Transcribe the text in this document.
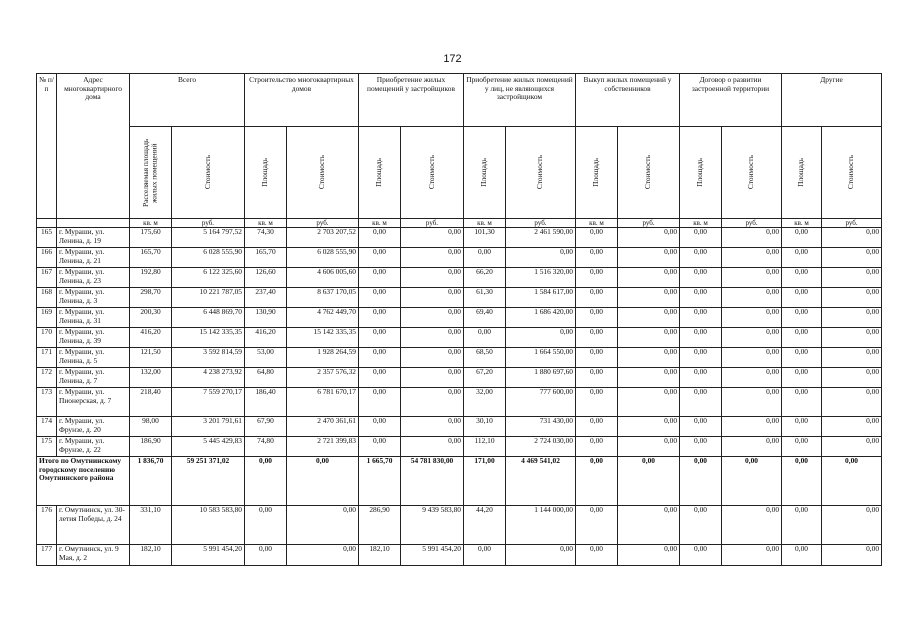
172
№ п/п	Адрес многоквартирного дома	Всего		Строительство многоквартирных домов		Приобретение жилых помещений у застройщиков		Приобретение жилых помещений у лиц, не являющихся застройщиком		Выкуп жилых помещений у собственников		Договор о развитии застроенной территории		Другие	

		Расселяемая площадь жилых помещений	Стоимость	Площадь	Стоимость	Площадь	Стоимость	Площадь	Стоимость	Площадь	Стоимость	Площадь	Стоимость	Площадь	Стоимость

		кв. м	руб.	кв. м	руб.	кв. м	руб.	кв. м	руб.	кв. м	руб.	кв. м	руб.	кв. м	руб.
165	г. Мураши, ул. Ленина, д. 19	175,60	5 164 797,52	74,30	2 703 207,52	0,00	0,00	101,30	2 461 590,00	0,00	0,00	0,00	0,00	0,00	0,00
166	г. Мураши, ул. Ленина, д. 21	165,70	6 028 555,90	165,70	6 028 555,90	0,00	0,00	0,00	0,00	0,00	0,00	0,00	0,00	0,00	0,00
167	г. Мураши, ул. Ленина, д. 23	192,80	6 122 325,60	126,60	4 606 005,60	0,00	0,00	66,20	1 516 320,00	0,00	0,00	0,00	0,00	0,00	0,00
168	г. Мураши, ул. Ленина, д. 3	298,70	10 221 787,05	237,40	8 637 170,05	0,00	0,00	61,30	1 584 617,00	0,00	0,00	0,00	0,00	0,00	0,00
169	г. Мураши, ул. Ленина, д. 31	200,30	6 448 869,70	130,90	4 762 449,70	0,00	0,00	69,40	1 686 420,00	0,00	0,00	0,00	0,00	0,00	0,00
170	г. Мураши, ул. Ленина, д. 39	416,20	15 142 335,35	416,20	15 142 335,35	0,00	0,00	0,00	0,00	0,00	0,00	0,00	0,00	0,00	0,00
171	г. Мураши, ул. Ленина, д. 5	121,50	3 592 814,59	53,00	1 928 264,59	0,00	0,00	68,50	1 664 550,00	0,00	0,00	0,00	0,00	0,00	0,00
172	г. Мураши, ул. Ленина, д. 7	132,00	4 238 273,92	64,80	2 357 576,32	0,00	0,00	67,20	1 880 697,60	0,00	0,00	0,00	0,00	0,00	0,00
173	г. Мураши, ул. Пионерская, д. 7	218,40	7 559 270,17	186,40	6 781 670,17	0,00	0,00	32,00	777 600,00	0,00	0,00	0,00	0,00	0,00	0,00
174	г. Мураши, ул. Фрунзе, д. 20	98,00	3 201 791,61	67,90	2 470 361,61	0,00	0,00	30,10	731 430,00	0,00	0,00	0,00	0,00	0,00	0,00
175	г. Мураши, ул. Фрунзе, д. 22	186,90	5 445 429,83	74,80	2 721 399,83	0,00	0,00	112,10	2 724 030,00	0,00	0,00	0,00	0,00	0,00	0,00
Итого по Омутнинскому городскому поселению Омутнинского района		1 836,70	59 251 371,02	0,00	0,00	1 665,70	54 781 830,00	171,00	4 469 541,02	0,00	0,00	0,00	0,00	0,00	0,00
176	г. Омутнинск, ул. 30-летия Победы, д. 24	331,10	10 583 583,80	0,00	0,00	286,90	9 439 583,80	44,20	1 144 000,00	0,00	0,00	0,00	0,00	0,00	0,00
177	г. Омутнинск, ул. 9 Мая, д. 2	182,10	5 991 454,20	0,00	0,00	182,10	5 991 454,20	0,00	0,00	0,00	0,00	0,00	0,00	0,00	0,00
